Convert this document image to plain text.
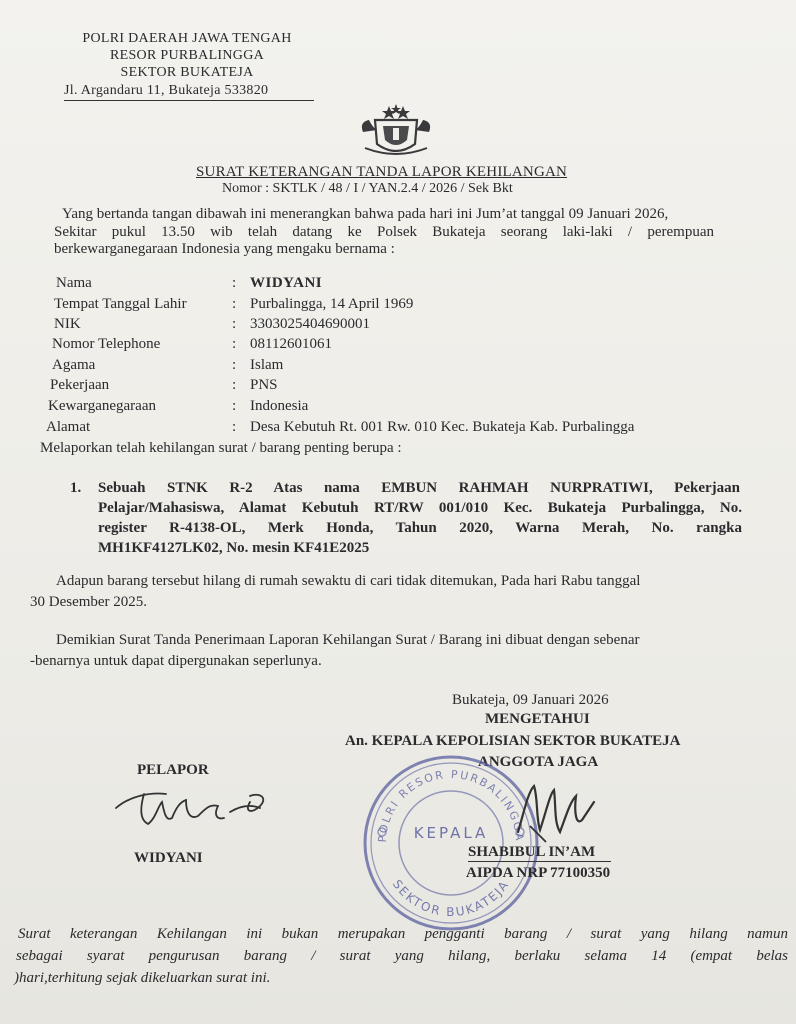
POLRI DAERAH JAWA TENGAH
RESOR PURBALINGGA
SEKTOR BUKATEJA
Jl. Argandaru 11, Bukateja 533820
SURAT KETERANGAN TANDA LAPOR KEHILANGAN
Nomor : SKTLK / 48 / I / YAN.2.4 / 2026 / Sek Bkt
Yang bertanda tangan dibawah ini menerangkan bahwa pada hari ini Jum’at tanggal 09 Januari 2026,
Sekitar pukul 13.50 wib telah datang ke Polsek Bukateja seorang laki-laki / perempuan
berkewarganegaraan Indonesia yang mengaku bernama :
Nama	: WIDYANI
Tempat Tanggal Lahir	: Purbalingga, 14 April 1969
NIK	: 3303025404690001
Nomor Telephone	: 08112601061
Agama	: Islam
Pekerjaan	: PNS
Kewarganegaraan	: Indonesia
Alamat	: Desa Kebutuh Rt. 001 Rw. 010 Kec. Bukateja Kab. Purbalingga
Melaporkan telah kehilangan surat / barang penting berupa :
1. Sebuah STNK R-2 Atas nama EMBUN RAHMAH NURPRATIWI, Pekerjaan
Pelajar/Mahasiswa, Alamat Kebutuh RT/RW 001/010 Kec. Bukateja Purbalingga, No.
register R-4138-OL, Merk Honda, Tahun 2020, Warna Merah, No. rangka
MH1KF4127LK02, No. mesin KF41E2025
Adapun barang tersebut hilang di rumah sewaktu di cari tidak ditemukan, Pada hari Rabu tanggal
30 Desember 2025.
Demikian Surat Tanda Penerimaan Laporan Kehilangan Surat / Barang ini dibuat dengan sebenar
-benarnya untuk dapat dipergunakan seperlunya.
Bukateja, 09 Januari 2026
MENGETAHUI
An. KEPALA KEPOLISIAN SEKTOR BUKATEJA
ANGGOTA JAGA
POLRI RESOR PURBALINGGA
SEKTOR BUKATEJA
KEPALA
SHABIBUL IN’AM
AIPDA NRP 77100350
PELAPOR
WIDYANI
Surat keterangan Kehilangan ini bukan merupakan pengganti barang / surat yang hilang namun
sebagai syarat pengurusan barang / surat yang hilang, berlaku selama 14 (empat belas
)hari,terhitung sejak dikeluarkan surat ini.
